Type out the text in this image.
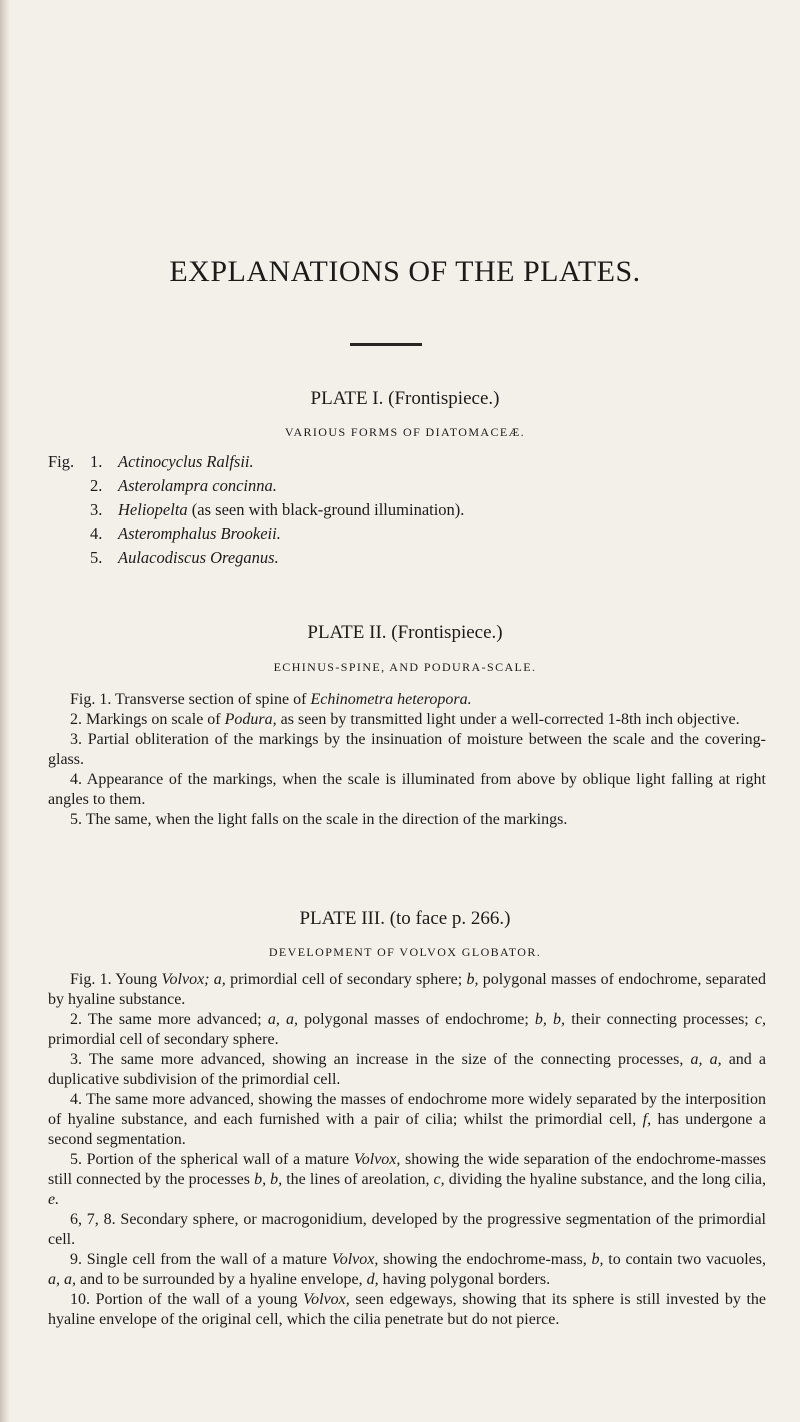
EXPLANATIONS OF THE PLATES.
PLATE I. (Frontispiece.)
VARIOUS FORMS OF DIATOMACEÆ.
Fig. 1. Actinocyclus Ralfsii.
2. Asterolampra concinna.
3. Heliopelta (as seen with black-ground illumination).
4. Asteromphalus Brookeii.
5. Aulacodiscus Oreganus.
PLATE II. (Frontispiece.)
ECHINUS-SPINE, AND PODURA-SCALE.

Fig. 1. Transverse section of spine of Echinometra heteropora.

2. Markings on scale of Podura, as seen by transmitted light under a well-corrected 1-8th inch objective.

3. Partial obliteration of the markings by the insinuation of moisture between the scale and the covering-glass.

4. Appearance of the markings, when the scale is illuminated from above by oblique light falling at right angles to them.

5. The same, when the light falls on the scale in the direction of the markings.

PLATE III. (to face p. 266.)
DEVELOPMENT OF VOLVOX GLOBATOR.

Fig. 1. Young Volvox; a, primordial cell of secondary sphere; b, polygonal masses of endochrome, separated by hyaline substance.

2. The same more advanced; a, a, polygonal masses of endochrome; b, b, their connecting processes; c, primordial cell of secondary sphere.

3. The same more advanced, showing an increase in the size of the connecting processes, a, a, and a duplicative subdivision of the primordial cell.

4. The same more advanced, showing the masses of endochrome more widely separated by the interposition of hyaline substance, and each furnished with a pair of cilia; whilst the primordial cell, f, has undergone a second segmentation.

5. Portion of the spherical wall of a mature Volvox, showing the wide separation of the endochrome-masses still connected by the processes b, b, the lines of areolation, c, dividing the hyaline substance, and the long cilia, e.

6, 7, 8. Secondary sphere, or macrogonidium, developed by the progressive segmentation of the primordial cell.

9. Single cell from the wall of a mature Volvox, showing the endochrome-mass, b, to contain two vacuoles, a, a, and to be surrounded by a hyaline envelope, d, having polygonal borders.

10. Portion of the wall of a young Volvox, seen edgeways, showing that its sphere is still invested by the hyaline envelope of the original cell, which the cilia penetrate but do not pierce.
